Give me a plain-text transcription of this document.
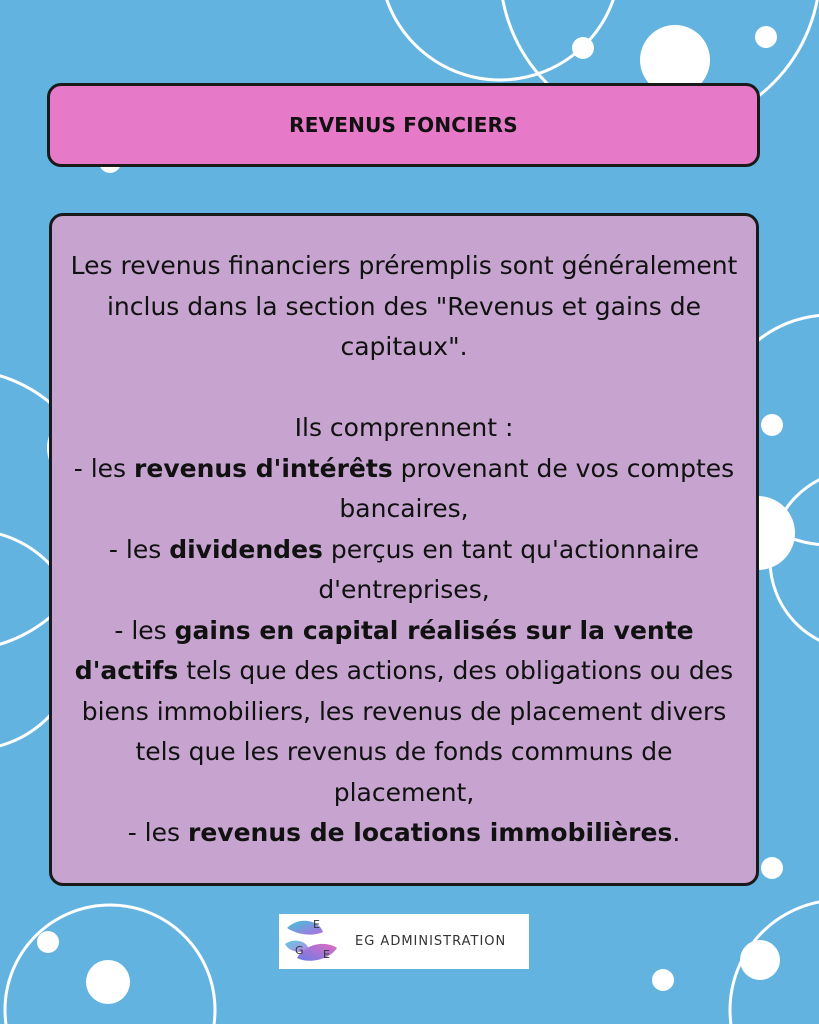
REVENUS FONCIERS

Les revenus financiers préremplis sont généralement inclus dans la section des "Revenus et gains de capitaux".

Ils comprennent :

- les revenus d'intérêts provenant de vos comptes bancaires,

- les dividendes perçus en tant qu'actionnaire d'entreprises,

- les gains en capital réalisés sur la vente d'actifs tels que des actions, des obligations ou des biens immobiliers, les revenus de placement divers tels que les revenus de fonds communs de placement,

- les revenus de locations immobilières.

E
G E
EG ADMINISTRATION
